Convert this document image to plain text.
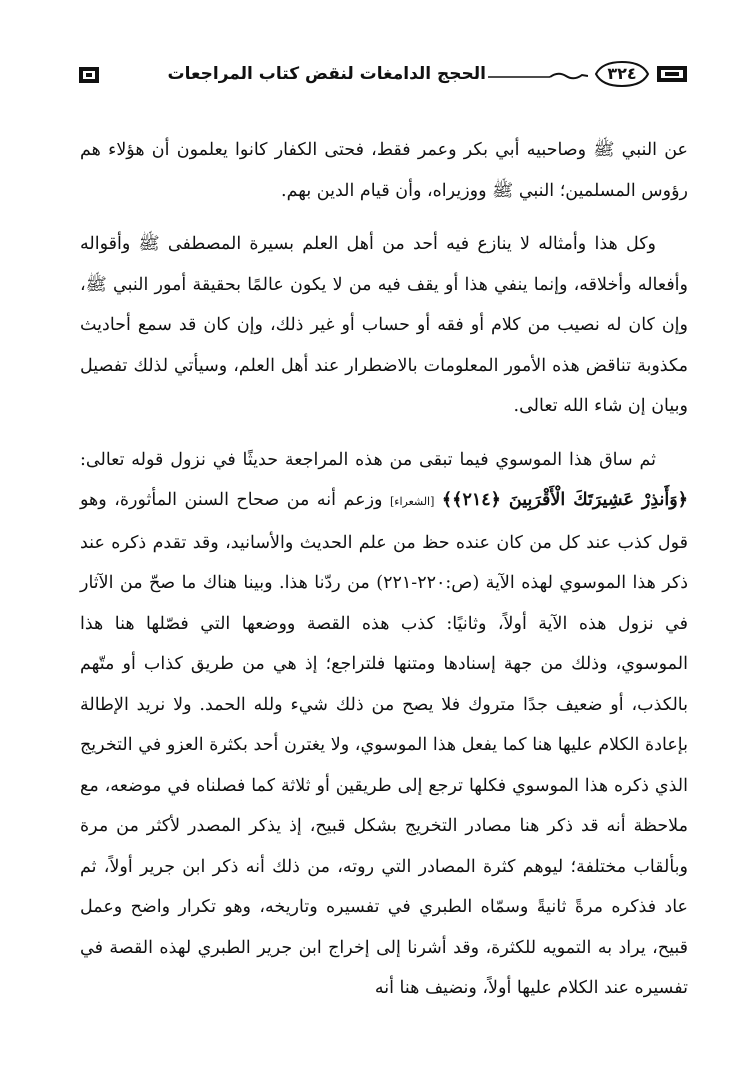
٣٢٤
الحجج الدامغات لنقض كتاب المراجعات

عن النبي ﷺ وصاحبيه أبي بكر وعمر فقط، فحتى الكفار كانوا يعلمون أن هؤلاء هم رؤوس المسلمين؛ النبي ﷺ ووزيراه، وأن قيام الدين بهم.

وكل هذا وأمثاله لا ينازع فيه أحد من أهل العلم بسيرة المصطفى ﷺ وأقواله وأفعاله وأخلاقه، وإنما ينفي هذا أو يقف فيه من لا يكون عالمًا بحقيقة أمور النبي ﷺ، وإن كان له نصيب من كلام أو فقه أو حساب أو غير ذلك، وإن كان قد سمع أحاديث مكذوبة تناقض هذه الأمور المعلومات بالاضطرار عند أهل العلم، وسيأتي لذلك تفصيل وبيان إن شاء الله تعالى.

ثم ساق هذا الموسوي فيما تبقى من هذه المراجعة حديثًا في نزول قوله تعالى: ﴿وَأَنذِرْ عَشِيرَتَكَ الْأَقْرَبِينَ ﴿٢١٤﴾﴾ [الشعراء] وزعم أنه من صحاح السنن المأثورة، وهو قول كذب عند كل من كان عنده حظ من علم الحديث والأسانيد، وقد تقدم ذكره عند ذكر هذا الموسوي لهذه الآية (ص:٢٢٠-٢٢١) من ردّنا هذا. وبينا هناك ما صحّ من الآثار في نزول هذه الآية أولاً، وثانيًا: كذب هذه القصة ووضعها التي فصّلها هنا هذا الموسوي، وذلك من جهة إسنادها ومتنها فلتراجع؛ إذ هي من طريق كذاب أو متّهم بالكذب، أو ضعيف جدًا متروك فلا يصح من ذلك شيء ولله الحمد. ولا نريد الإطالة بإعادة الكلام عليها هنا كما يفعل هذا الموسوي، ولا يغترن أحد بكثرة العزو في التخريج الذي ذكره هذا الموسوي فكلها ترجع إلى طريقين أو ثلاثة كما فصلناه في موضعه، مع ملاحظة أنه قد ذكر هنا مصادر التخريج بشكل قبيح، إذ يذكر المصدر لأكثر من مرة وبألقاب مختلفة؛ ليوهم كثرة المصادر التي روته، من ذلك أنه ذكر ابن جرير أولاً، ثم عاد فذكره مرةً ثانيةً وسمّاه الطبري في تفسيره وتاريخه، وهو تكرار واضح وعمل قبيح، يراد به التمويه للكثرة، وقد أشرنا إلى إخراج ابن جرير الطبري لهذه القصة في تفسيره عند الكلام عليها أولاً، ونضيف هنا أنه
